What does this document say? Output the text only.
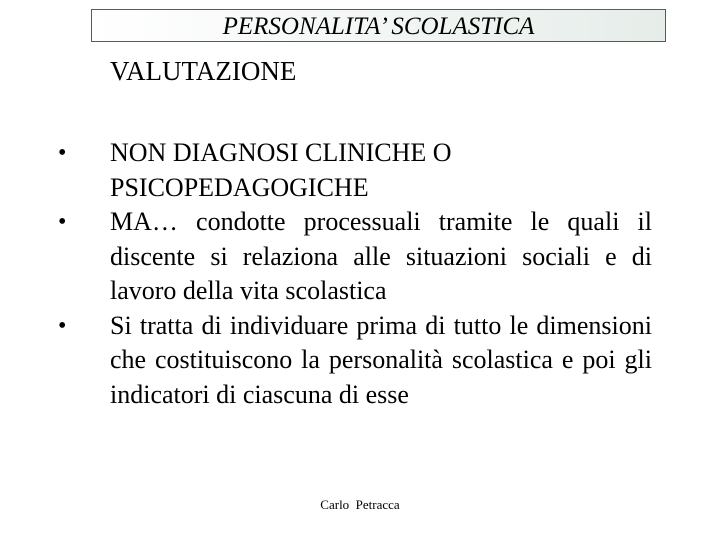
PERSONALITA’ SCOLASTICA
VALUTAZIONE
• NON DIAGNOSI CLINICHE O PSICOPEDAGOGICHE
• MA… condotte processuali tramite le quali il discente si relaziona alle situazioni sociali e di lavoro della vita scolastica
• Si tratta di individuare prima di tutto le dimensioni che costituiscono la personalità scolastica e poi gli indicatori di ciascuna di esse
Carlo  Petracca
